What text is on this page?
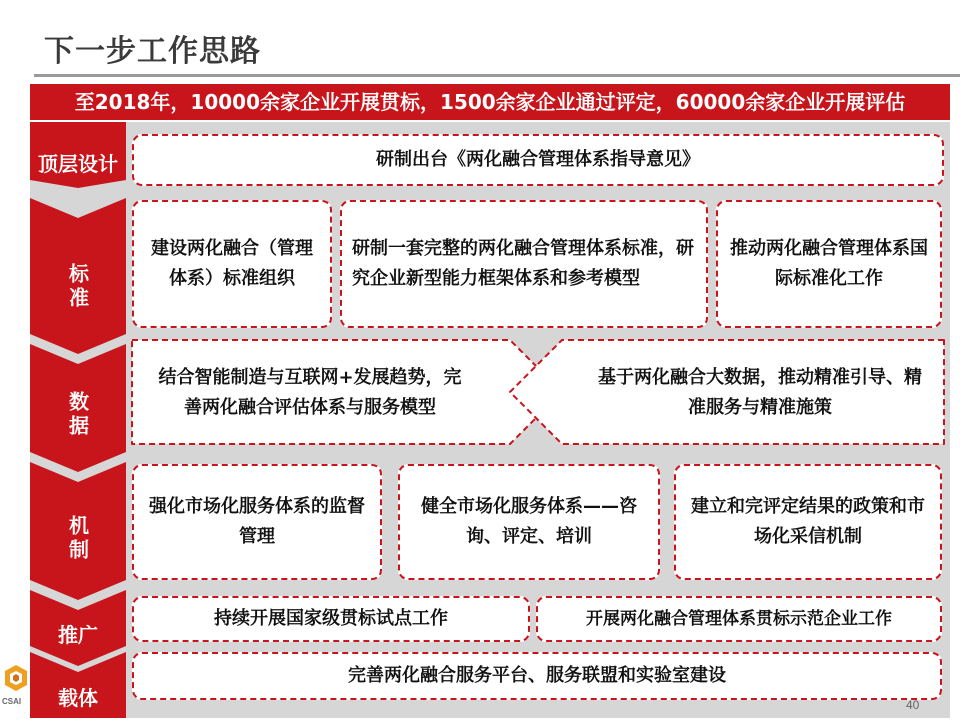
下一步工作思路
至2018年，10000余家企业开展贯标，1500余家企业通过评定，60000余家企业开展评估
顶层设计
标准
数据
机制
推广
载体
研制出台《两化融合管理体系指导意见》
建设两化融合（管理体系）标准组织
研制一套完整的两化融合管理体系标准，研究企业新型能力框架体系和参考模型
推动两化融合管理体系国际标准化工作
结合智能制造与互联网+发展趋势，完善两化融合评估体系与服务模型
基于两化融合大数据，推动精准引导、精准服务与精准施策
强化市场化服务体系的监督管理
健全市场化服务体系——咨询、评定、培训
建立和完评定结果的政策和市场化采信机制
持续开展国家级贯标试点工作	开展两化融合管理体系贯标示范企业工作
完善两化融合服务平台、服务联盟和实验室建设
CSAI	40
